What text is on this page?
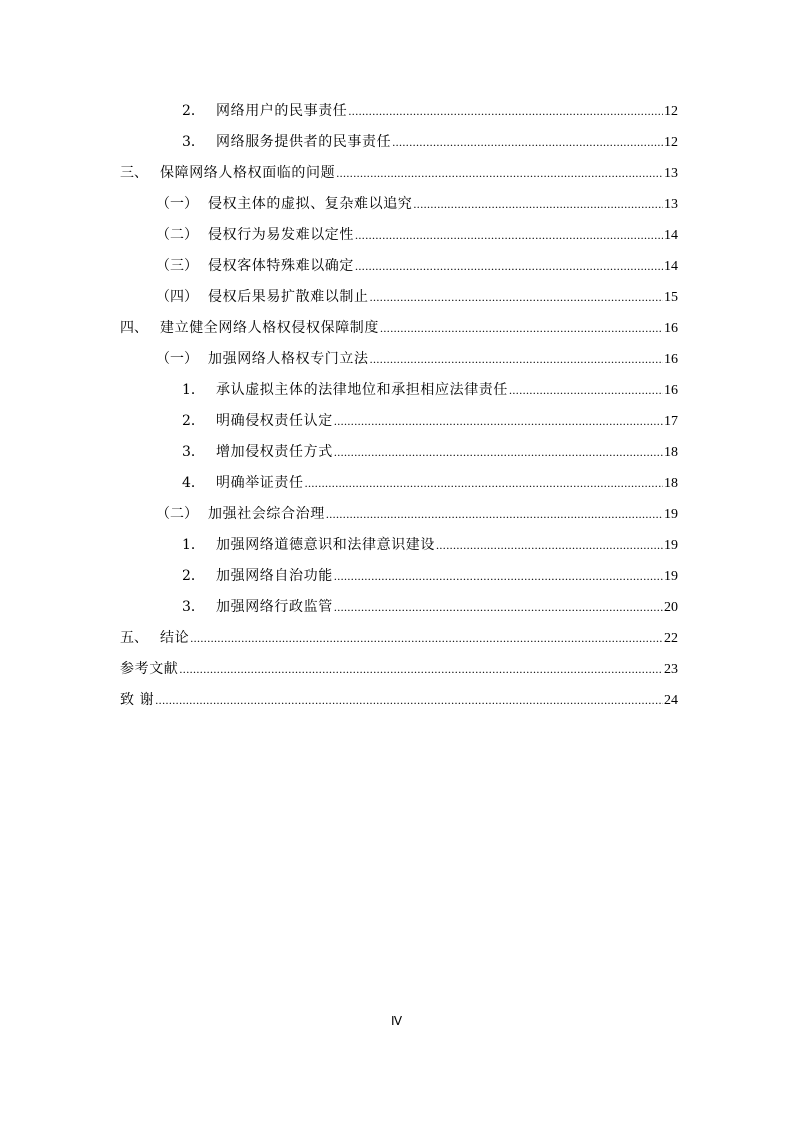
2． 网络用户的民事责任 .....	12
3． 网络服务提供者的民事责任 .....	12
三、 保障网络人格权面临的问题 .....	13
（一） 侵权主体的虚拟、复杂难以追究 .....	13
（二） 侵权行为易发难以定性 .....	14
（三） 侵权客体特殊难以确定 .....	14
（四） 侵权后果易扩散难以制止 .....	15
四、 建立健全网络人格权侵权保障制度 .....	16
（一） 加强网络人格权专门立法 .....	16
1． 承认虚拟主体的法律地位和承担相应法律责任 .....	16
2． 明确侵权责任认定 .....	17
3． 增加侵权责任方式 .....	18
4． 明确举证责任 .....	18
（二） 加强社会综合治理 .....	19
1． 加强网络道德意识和法律意识建设 .....	19
2． 加强网络自治功能 .....	19
3． 加强网络行政监管 .....	20
五、 结论 .....	22
参考文献 .....	23
致 谢 .....	24
Ⅳ
